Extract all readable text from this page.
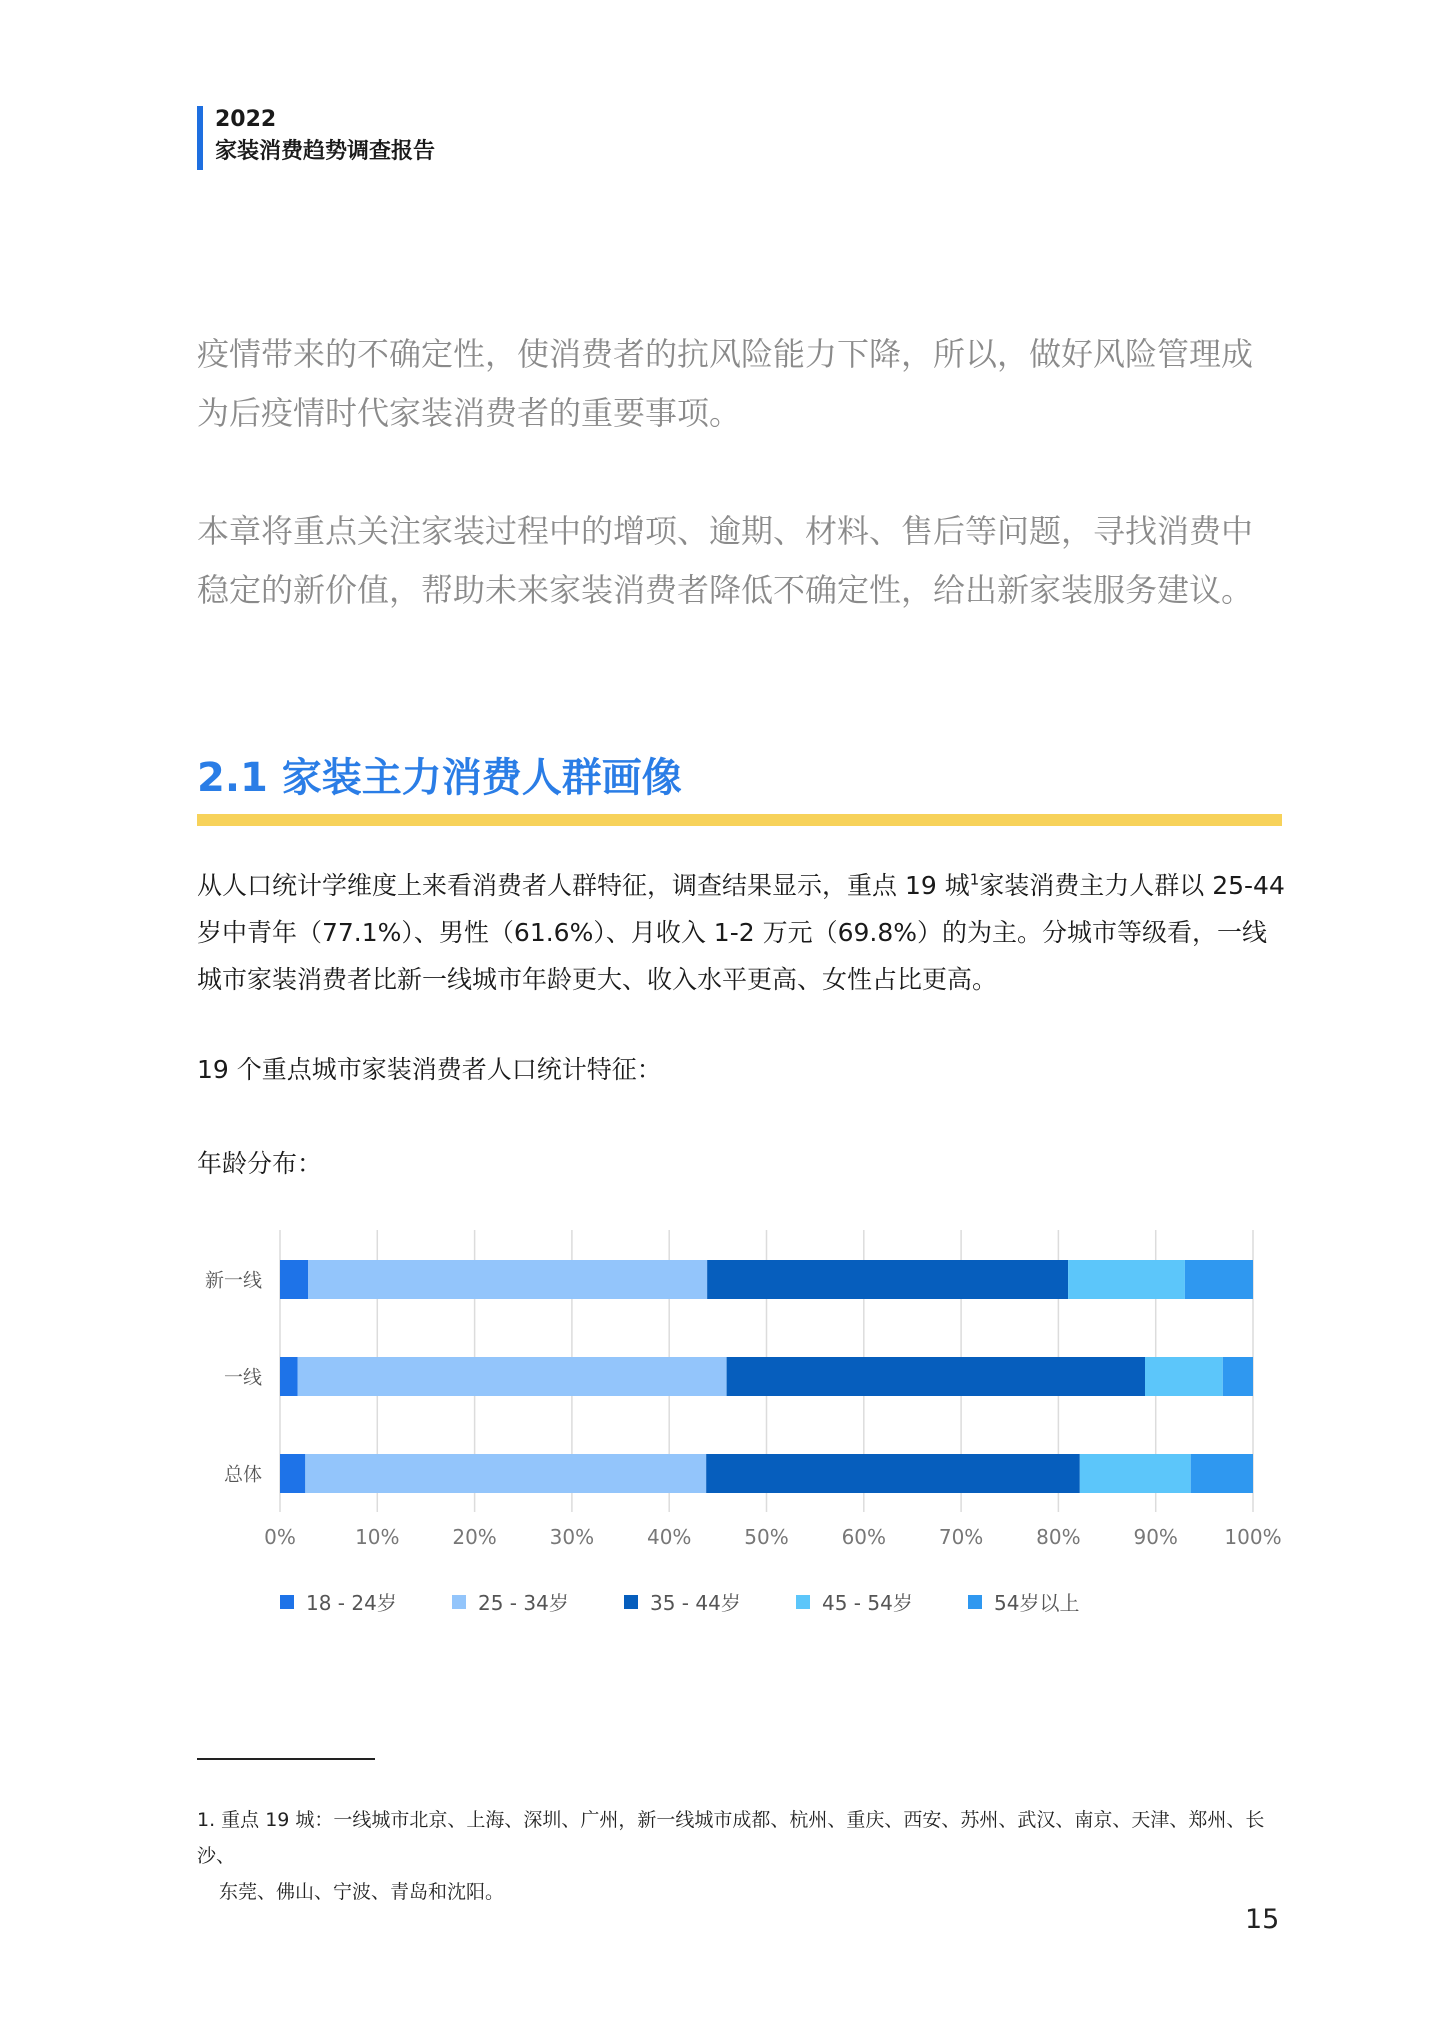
2022
家装消费趋势调查报告

疫情带来的不确定性，使消费者的抗风险能力下降，所以，做好风险管理成为后疫情时代家装消费者的重要事项。

本章将重点关注家装过程中的增项、逾期、材料、售后等问题，寻找消费中稳定的新价值，帮助未来家装消费者降低不确定性，给出新家装服务建议。

2.1 家装主力消费人群画像

从人口统计学维度上来看消费者人群特征，调查结果显示，重点 19 城$^1$家装消费主力人群以 25-44 岁中青年（77.1%）、男性（61.6%）、月收入 1-2 万元（69.8%）的为主。分城市等级看，一线城市家装消费者比新一线城市年龄更大、收入水平更高、女性占比更高。

19 个重点城市家装消费者人口统计特征：
年龄分布：
0%	10%	20%	30%	40%	50%	60%	70%	80%	90% 100%
新一线
一线
总体
18 - 24岁	25 - 34岁	35 - 44岁	45 - 54岁	54岁以上

1. 重点 19 城：一线城市北京、上海、深圳、广州，新一线城市成都、杭州、重庆、西安、苏州、武汉、南京、天津、郑州、长沙、
东莞、佛山、宁波、青岛和沈阳。

15
